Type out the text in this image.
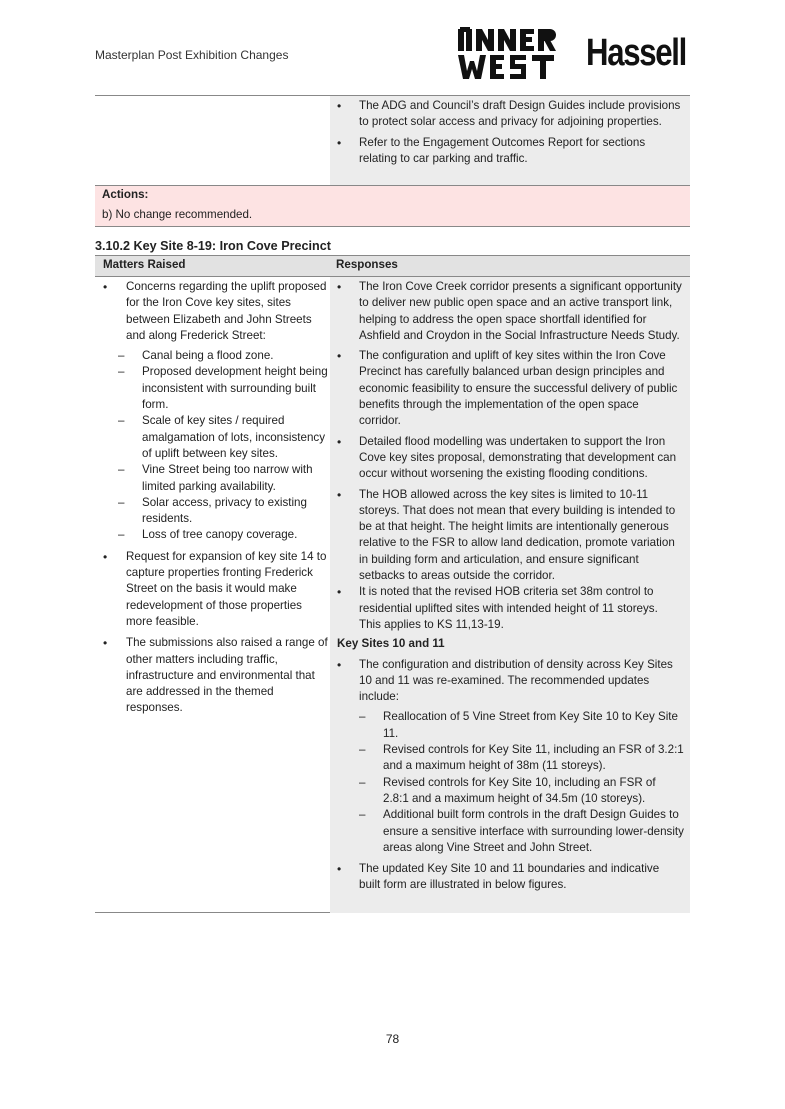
Masterplan Post Exhibition Changes	Hassell
• The ADG and Council’s draft Design Guides include provisions to protect solar access and privacy for adjoining properties.
• Refer to the Engagement Outcomes Report for sections relating to car parking and traffic.
Actions:
b) No change recommended.
3.10.2 Key Site 8-19: Iron Cove Precinct
Matters Raised	Responses
• Concerns regarding the uplift proposed for the Iron Cove key sites, sites between Elizabeth and John Streets and along Frederick Street:
– Canal being a flood zone.
– Proposed development height being inconsistent with surrounding built form.
– Scale of key sites / required amalgamation of lots, inconsistency of uplift between key sites.
– Vine Street being too narrow with limited parking availability.
– Solar access, privacy to existing residents.
– Loss of tree canopy coverage.
• Request for expansion of key site 14 to capture properties fronting Frederick Street on the basis it would make redevelopment of those properties more feasible.
• The submissions also raised a range of other matters including traffic, infrastructure and environmental that are addressed in the themed responses.
• The Iron Cove Creek corridor presents a significant opportunity to deliver new public open space and an active transport link, helping to address the open space shortfall identified for Ashfield and Croydon in the Social Infrastructure Needs Study.
• The configuration and uplift of key sites within the Iron Cove Precinct has carefully balanced urban design principles and economic feasibility to ensure the successful delivery of public benefits through the implementation of the open space corridor.
• Detailed flood modelling was undertaken to support the Iron Cove key sites proposal, demonstrating that development can occur without worsening the existing flooding conditions.
• The HOB allowed across the key sites is limited to 10-11 storeys. That does not mean that every building is intended to be at that height. The height limits are intentionally generous relative to the FSR to allow land dedication, promote variation in building form and articulation, and ensure significant setbacks to areas outside the corridor.
• It is noted that the revised HOB criteria set 38m control to residential uplifted sites with intended height of 11 storeys. This applies to KS 11,13-19.
Key Sites 10 and 11
• The configuration and distribution of density across Key Sites 10 and 11 was re-examined. The recommended updates include:
– Reallocation of 5 Vine Street from Key Site 10 to Key Site 11.
– Revised controls for Key Site 11, including an FSR of 3.2:1 and a maximum height of 38m (11 storeys).
– Revised controls for Key Site 10, including an FSR of 2.8:1 and a maximum height of 34.5m (10 storeys).
– Additional built form controls in the draft Design Guides to ensure a sensitive interface with surrounding lower-density areas along Vine Street and John Street.
• The updated Key Site 10 and 11 boundaries and indicative built form are illustrated in below figures.
78
